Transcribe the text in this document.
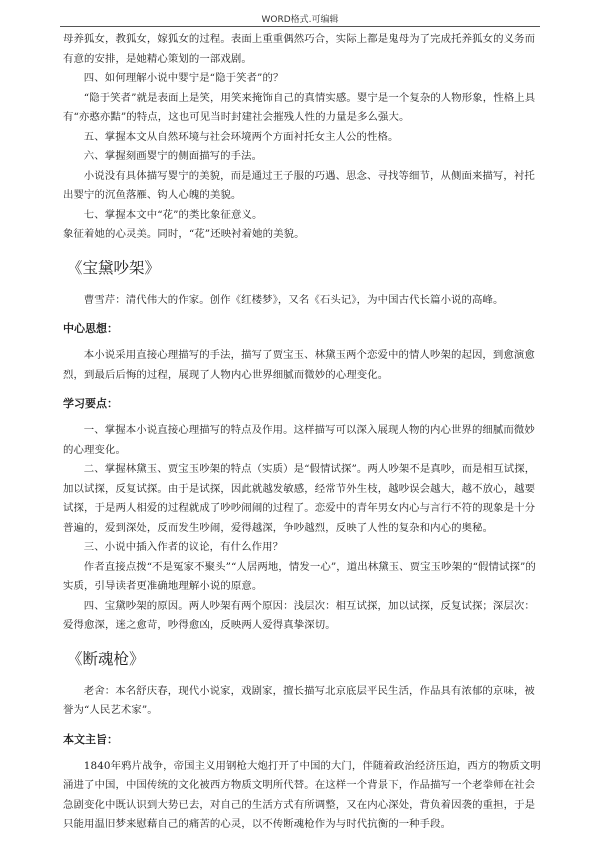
WORD格式.可编辑

母养狐女，教狐女，嫁狐女的过程。表面上重重偶然巧合，实际上都是鬼母为了完成托养狐女的义务而有意的安排，是她精心策划的一部戏剧。

四、如何理解小说中婴宁是“隐于笑者”的？

“隐于笑者”就是表面上是笑，用笑来掩饰自己的真情实感。婴宁是一个复杂的人物形象，性格上具有“亦憨亦黠”的特点，这也可见当时封建社会摧残人性的力量是多么强大。

五、掌握本文从自然环境与社会环境两个方面衬托女主人公的性格。

六、掌握刻画婴宁的侧面描写的手法。

小说没有具体描写婴宁的美貌，而是通过王子服的巧遇、思念、寻找等细节，从侧面来描写，衬托出婴宁的沉鱼落雁、钩人心魄的美貌。

七、掌握本文中“花”的类比象征意义。

象征着她的心灵美。同时，“花”还映衬着她的美貌。

《宝黛吵架》

曹雪芹：清代伟大的作家。创作《红楼梦》，又名《石头记》，为中国古代长篇小说的高峰。

中心思想：

本小说采用直接心理描写的手法，描写了贾宝玉、林黛玉两个恋爱中的情人吵架的起因，到愈演愈烈，到最后后悔的过程，展现了人物内心世界细腻而微妙的心理变化。

学习要点：

一、掌握本小说直接心理描写的特点及作用。这样描写可以深入展现人物的内心世界的细腻而微妙的心理变化。

二、掌握林黛玉、贾宝玉吵架的特点（实质）是“假情试探”。两人吵架不是真吵，而是相互试探，加以试探，反复试探。由于是试探，因此就越发敏感，经常节外生枝，越吵误会越大，越不放心，越要试探，于是两人相爱的过程就成了吵吵闹闹的过程了。恋爱中的青年男女内心与言行不符的现象是十分普遍的，爱到深处，反而发生吵闹，爱得越深，争吵越烈，反映了人性的复杂和内心的奥秘。

三、小说中插入作者的议论，有什么作用？

作者直接点拨“不是冤家不聚头”“人居两地，情发一心”，道出林黛玉、贾宝玉吵架的“假情试探”的实质，引导读者更准确地理解小说的原意。

四、宝黛吵架的原因。两人吵架有两个原因：浅层次：相互试探，加以试探，反复试探；深层次：爱得愈深，迷之愈苛，吵得愈凶，反映两人爱得真挚深切。

《断魂枪》

老舍：本名舒庆春，现代小说家，戏剧家，擅长描写北京底层平民生活，作品具有浓郁的京味，被誉为“人民艺术家”。

本文主旨：

1840年鸦片战争，帝国主义用钢枪大炮打开了中国的大门，伴随着政治经济压迫，西方的物质文明涌进了中国，中国传统的文化被西方物质文明所代替。在这样一个背景下，作品描写一个老拳师在社会急剧变化中既认识到大势已去，对自己的生活方式有所调整，又在内心深处，背负着因袭的重担，于是只能用温旧梦来慰藉自己的痛苦的心灵，以不传断魂枪作为与时代抗衡的一种手段。
